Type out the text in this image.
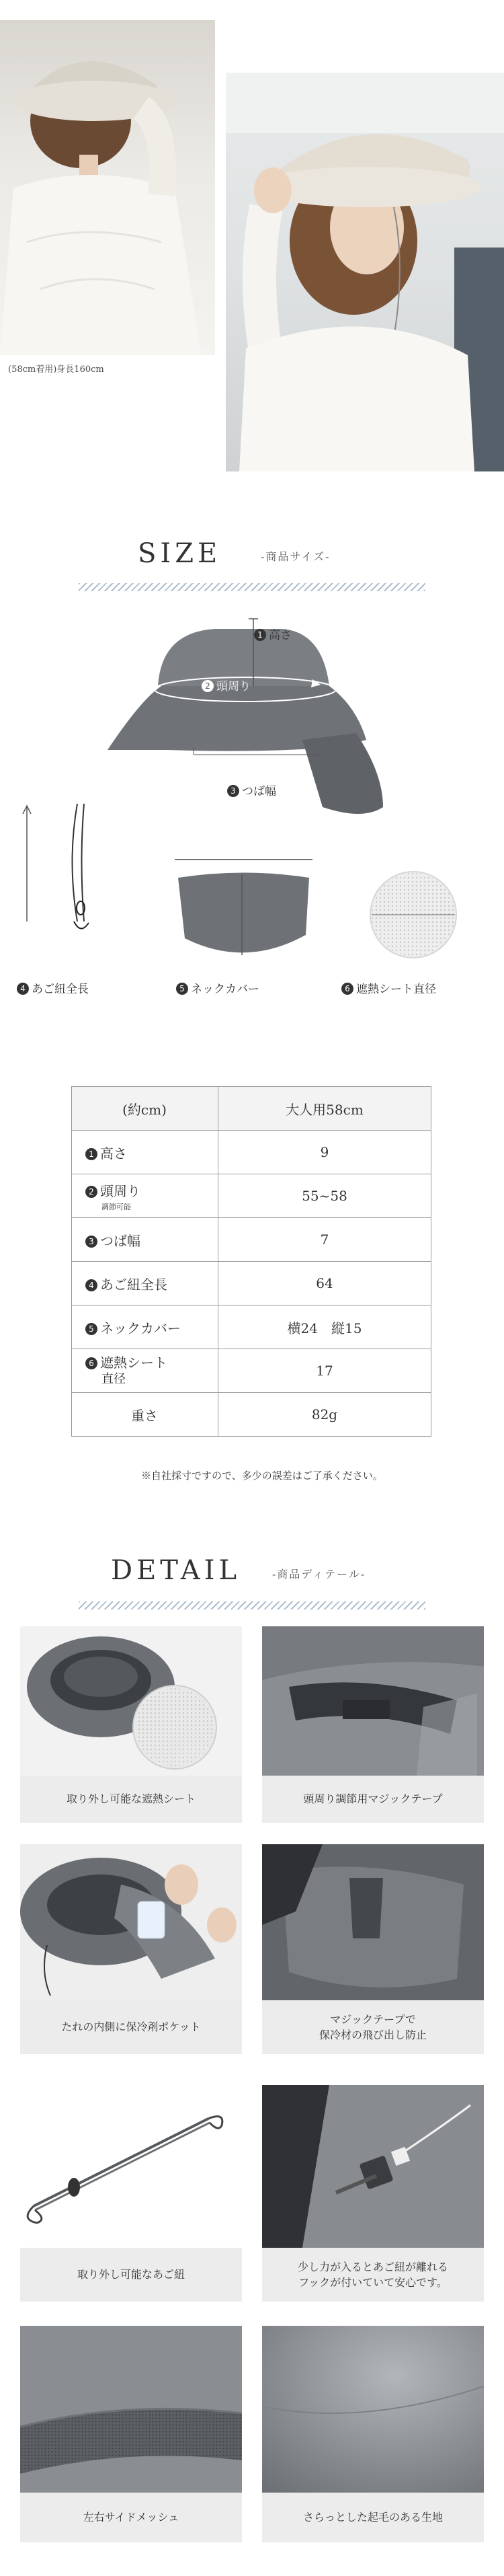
(58cm着用)身長160cm
SIZE	-商品サイズ-
1 高さ
2 頭周り
3 つば幅
4 あご紐全長	5 ネックカバー	6 遮熱シート直径
(約cm)	大人用58cm
1 高さ	9
2 頭周り
調節可能	55~58
3 つば幅	7
4 あご紐全長	64
5 ネックカバー	横24　縦15
6 遮熱シート
直径	17
重さ	82g
※自社採寸ですので、多少の誤差はご了承ください。
DETAIL	-商品ディテール-
取り外し可能な遮熱シート	頭周り調節用マジックテープ
たれの内側に保冷剤ポケット
マジックテープで
保冷材の飛び出し防止
取り外し可能なあご紐
少し力が入るとあご紐が離れる
フックが付いていて安心です。
左右サイドメッシュ	さらっとした起毛のある生地
